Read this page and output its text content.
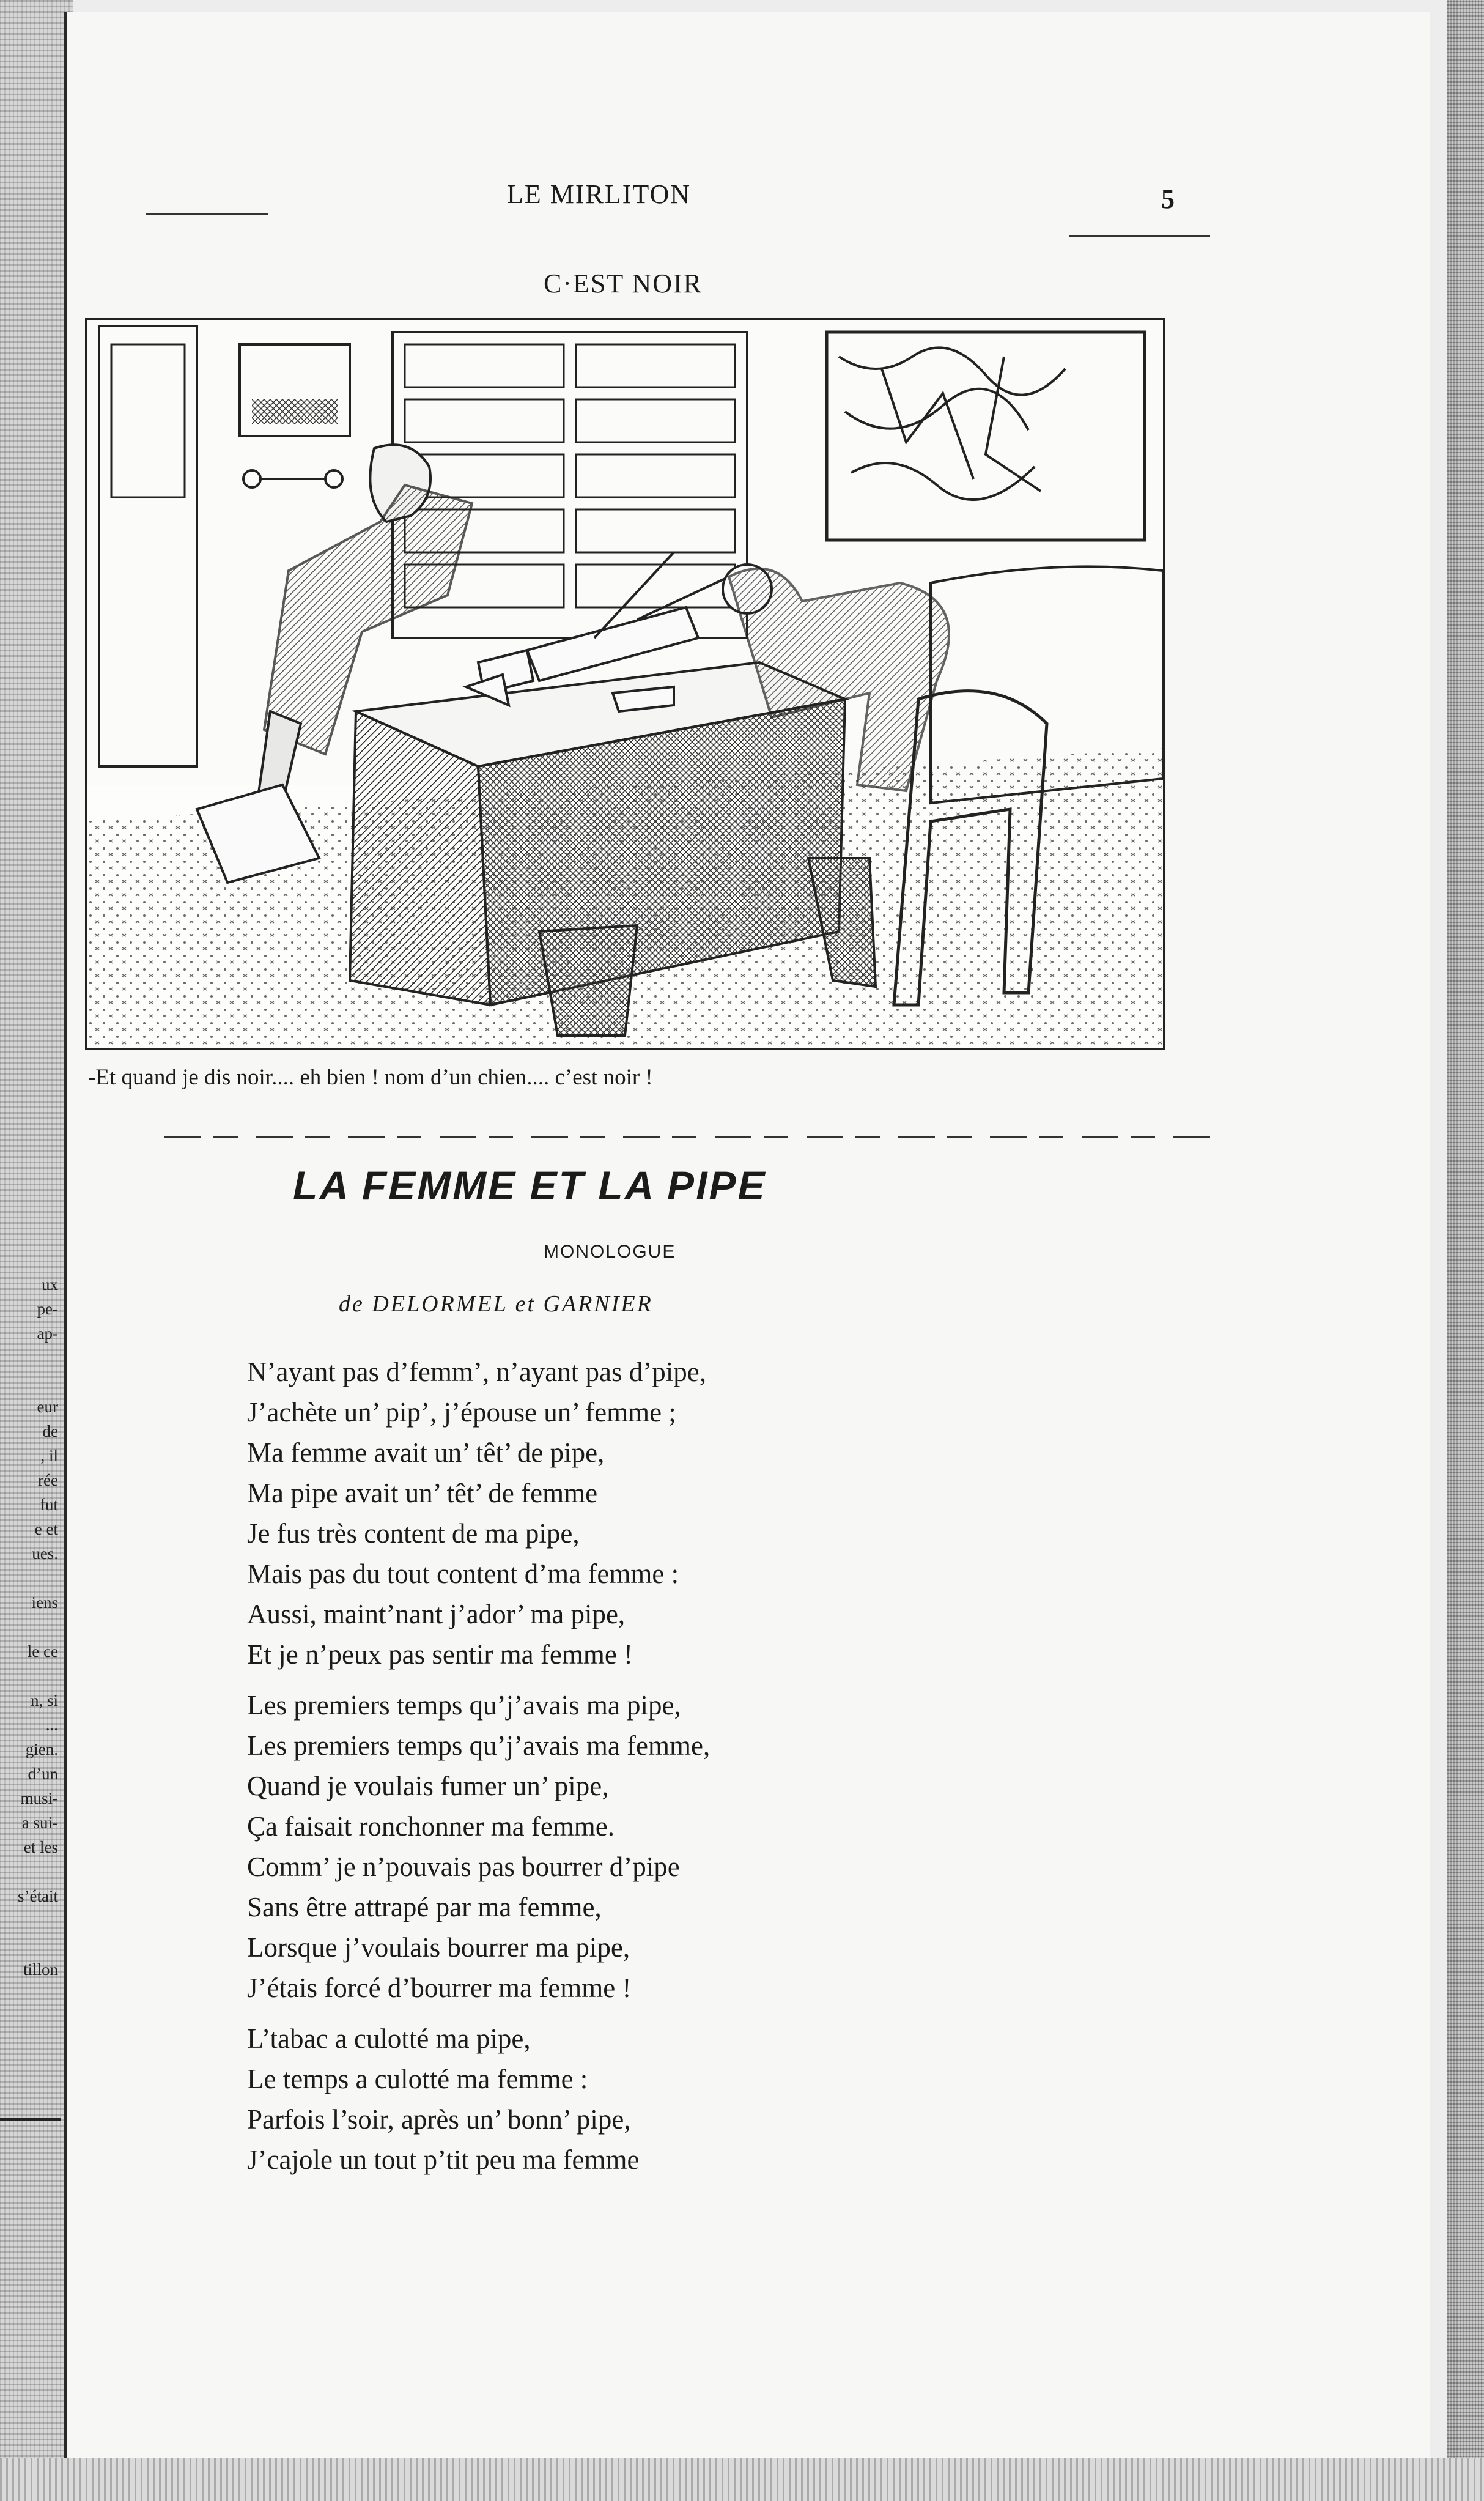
ux
pe-
ap-

eur
de
, il
rée
fut
e et
ues.

iens

le ce

n, si
...
gien.
d’un
musi-
a sui-
et les

s’était

tillon
LE MIRLITON	5
C·EST NOIR
-Et quand je dis noir.... eh bien ! nom d’un chien.... c’est noir !
LA FEMME ET LA PIPE
MONOLOGUE
de DELORMEL et GARNIER
N’ayant pas d’femm’, n’ayant pas d’pipe,
J’achète un’ pip’, j’épouse un’ femme ;
Ma femme avait un’ têt’ de pipe,
Ma pipe avait un’ têt’ de femme
Je fus très content de ma pipe,
Mais pas du tout content d’ma femme :
Aussi, maint’nant j’ador’ ma pipe,
Et je n’peux pas sentir ma femme !
Les premiers temps qu’j’avais ma pipe,
Les premiers temps qu’j’avais ma femme,
Quand je voulais fumer un’ pipe,
Ça faisait ronchonner ma femme.
Comm’ je n’pouvais pas bourrer d’pipe
Sans être attrapé par ma femme,
Lorsque j’voulais bourrer ma pipe,
J’étais forcé d’bourrer ma femme !
L’tabac a culotté ma pipe,
Le temps a culotté ma femme :
Parfois l’soir, après un’ bonn’ pipe,
J’cajole un tout p’tit peu ma femme
